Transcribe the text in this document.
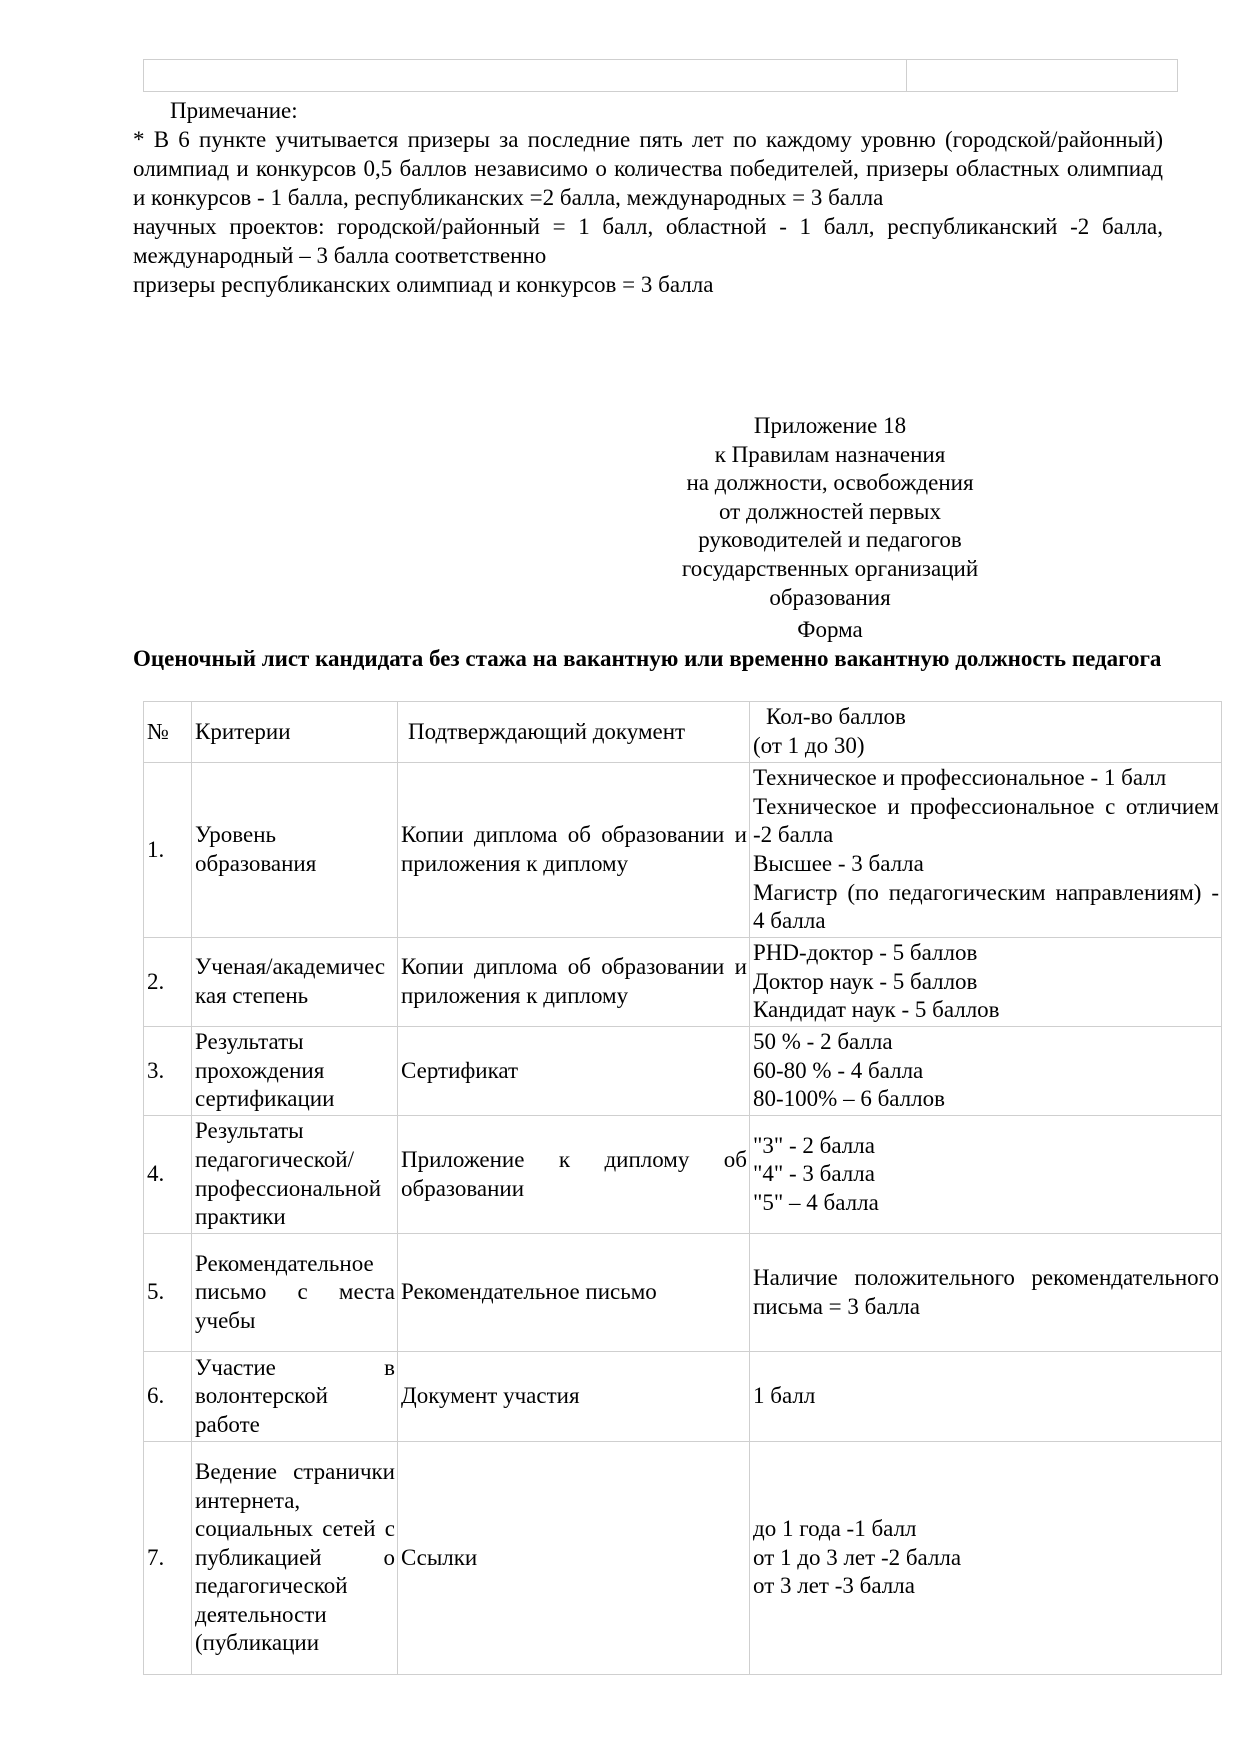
Примечание:

* В 6 пункте учитывается призеры за последние пять лет по каждому уровню (городской/районный) олимпиад и конкурсов 0,5 баллов независимо о количества победителей, призеры областных олимпиад и конкурсов - 1 балла, республиканских =2 балла, международных = 3 балла

научных проектов: городской/районный = 1 балл, областной - 1 балл, республиканский -2 балла, международный – 3 балла соответственно

призеры республиканских олимпиад и конкурсов = 3 балла

Приложение 18
к Правилам назначения
на должности, освобождения
от должностей первых
руководителей и педагогов
государственных организаций
образования
Форма
Оценочный лист кандидата без стажа на вакантную или временно вакантную должность педагога
№	Критерии	Подтверждающий документ	Кол-во баллов
(от 1 до 30)

1.	Уровень образования	Копии диплома об образовании и приложения к диплому	Техническое и профессиональное - 1 балл
Техническое и профессиональное с отличием -2 балла
Высшее - 3 балла
Магистр (по педагогическим направлениям) - 4 балла

2.	Ученая/академическая степень	Копии диплома об образовании и приложения к диплому	PHD-доктор - 5 баллов
Доктор наук - 5 баллов
Кандидат наук - 5 баллов

3.	Результаты прохождения сертификации	Сертификат	50 % - 2 балла
60-80 % - 4 балла
80-100% – 6 баллов

4.	Результаты педагогической/ профессиональной практики	Приложение к диплому об образовании	"3" - 2 балла
"4" - 3 балла
"5" – 4 балла

5.	Рекомендательное письмо с места учебы	Рекомендательное письмо	Наличие положительного рекомендательного письма = 3 балла
6.	Участие в волонтерской работе	Документ участия	1 балл
7.	Ведение странички интернета, социальных сетей с публикацией о педагогической деятельности (публикации	Ссылки	до 1 года -1 балл
от 1 до 3 лет -2 балла
от 3 лет -3 балла
